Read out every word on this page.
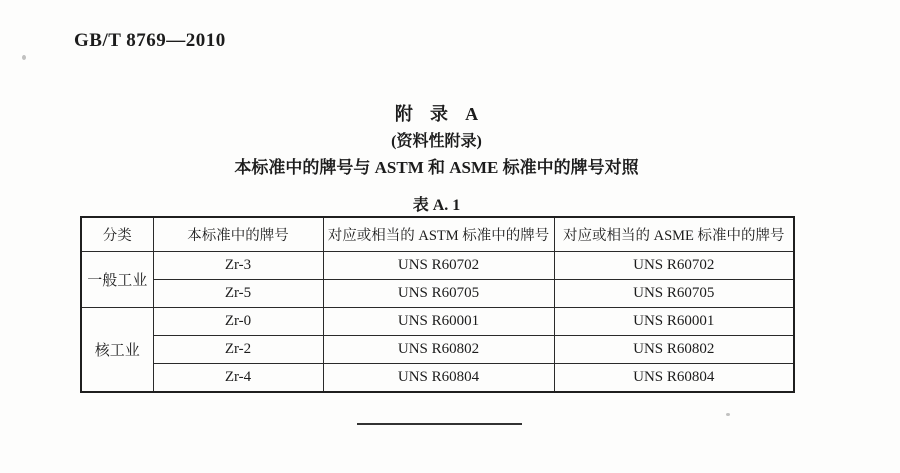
GB/T 8769—2010
附 录 A
(资料性附录)
本标准中的牌号与 ASTM 和 ASME 标准中的牌号对照
表 A. 1
分类	本标准中的牌号	对应或相当的 ASTM 标准中的牌号	对应或相当的 ASME 标准中的牌号
一般工业	Zr-3	UNS R60702	UNS R60702
	Zr-5	UNS R60705	UNS R60705
核工业	Zr-0	UNS R60001	UNS R60001
	Zr-2	UNS R60802	UNS R60802
	Zr-4	UNS R60804	UNS R60804
